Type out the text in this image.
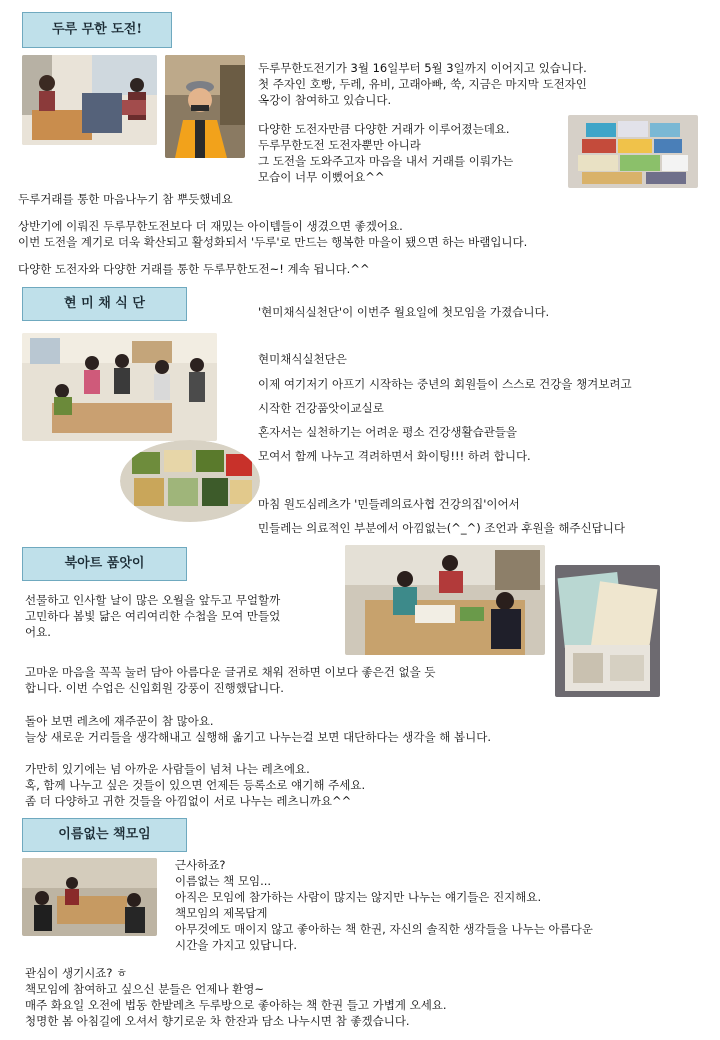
두루 무한 도전!
두루무한도전기가 3월 16일부터 5월 3일까지 이어지고 있습니다.
첫 주자인 호빵, 두레, 유비, 고래아빠, 쑥, 지금은 마지막 도전자인
옥강이 참여하고 있습니다.
다양한 도전자만큼 다양한 거래가 이루어졌는데요.
두루무한도전 도전자뿐만 아니라
그 도전을 도와주고자 마음을 내서 거래를 이뤄가는
모습이 너무 이뻤어요^^
두루거래를 통한 마음나누기 참 뿌듯했네요
상반기에 이뤄진 두루무한도전보다 더 재밌는 아이템들이 생겼으면 좋겠어요.
이번 도전을 계기로 더욱 확산되고 활성화되서 '두루'로 만드는 행복한 마을이 됐으면 하는 바램입니다.
다양한 도전자와 다양한 거래를 통한 두루무한도전~! 계속 됩니다.^^
현 미 채 식 단
'현미채식실천단'이 이번주 월요일에 첫모임을 가졌습니다.
현미채식실천단은
이제 여기저기 아프기 시작하는 중년의 회원들이 스스로 건강을 챙겨보려고
시작한 건강품앗이교실로
혼자서는 실천하기는 어려운 평소 건강생활습관들을
모여서 함께 나누고 격려하면서 화이팅!!! 하려 합니다.
마침 원도심레츠가 '민들레의료사협 건강의집'이어서
민들레는 의료적인 부분에서 아낌없는(^_^) 조언과 후원을 해주신답니다
북아트 품앗이
선물하고 인사할 날이 많은 오월을 앞두고 무얼할까
고민하다 봄빛 닮은 여리여리한 수첩을 모여 만들었
어요.
고마운 마음을 꼭꼭 눌러 담아 아름다운 글귀로 채워 전하면 이보다 좋은건 없을 듯
합니다. 이번 수업은 신입회원 강풍이 진행했답니다.
돌아 보면 레츠에 재주꾼이 참 많아요.
늘상 새로운 거리들을 생각해내고 실행해 옮기고 나누는걸 보면 대단하다는 생각을 해 봅니다.
가만히 있기에는 넘 아까운 사람들이 넘쳐 나는 레츠에요.
혹, 함께 나누고 싶은 것들이 있으면 언제든 등록소로 얘기해 주세요.
좀 더 다양하고 귀한 것들을 아낌없이 서로 나누는 레츠니까요^^
이름없는 책모임
근사하죠?
이름없는 책 모임...
아직은 모임에 참가하는 사람이 많지는 않지만 나누는 얘기들은 진지해요.
책모임의 제목답게
아무것에도 매이지 않고 좋아하는 책 한권, 자신의 솔직한 생각들을 나누는 아름다운
시간을 가지고 있답니다.
관심이 생기시죠? ㅎ
책모임에 참여하고 싶으신 분들은 언제나 환영~
매주 화요일 오전에 법동 한밭레츠 두루방으로 좋아하는 책 한권 들고 가볍게 오세요.
청명한 봄 아침길에 오셔서 향기로운 차 한잔과 담소 나누시면 참 좋겠습니다.
